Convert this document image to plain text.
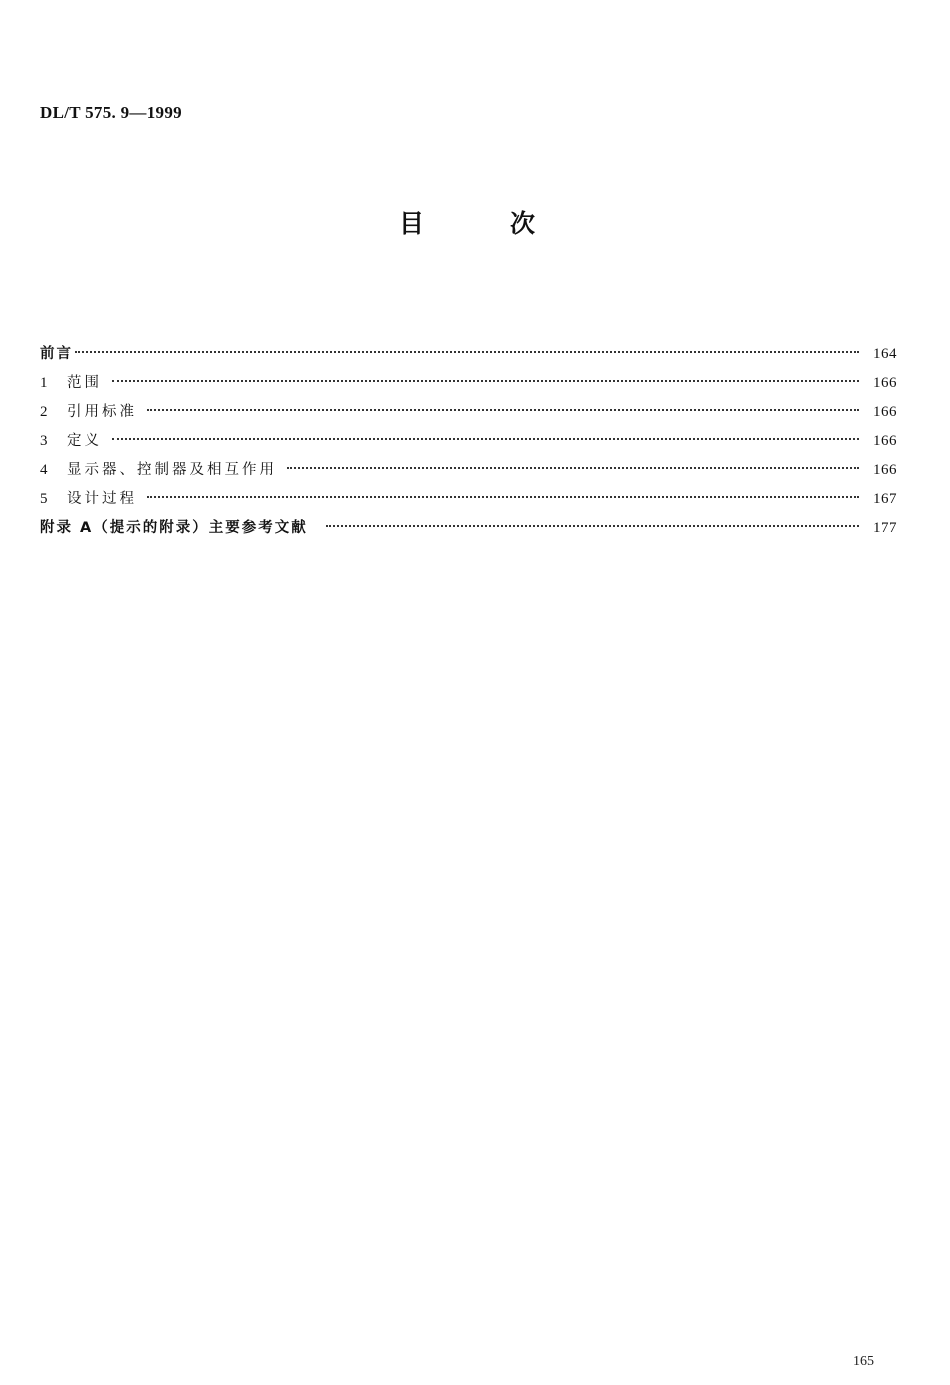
DL/T 575. 9—1999
目	次
前言	164
1	范围	166
2	引用标准	166
3	定义	166
4	显示器、控制器及相互作用	166
5	设计过程	167
附录 A（提示的附录）主要参考文献	177
165
